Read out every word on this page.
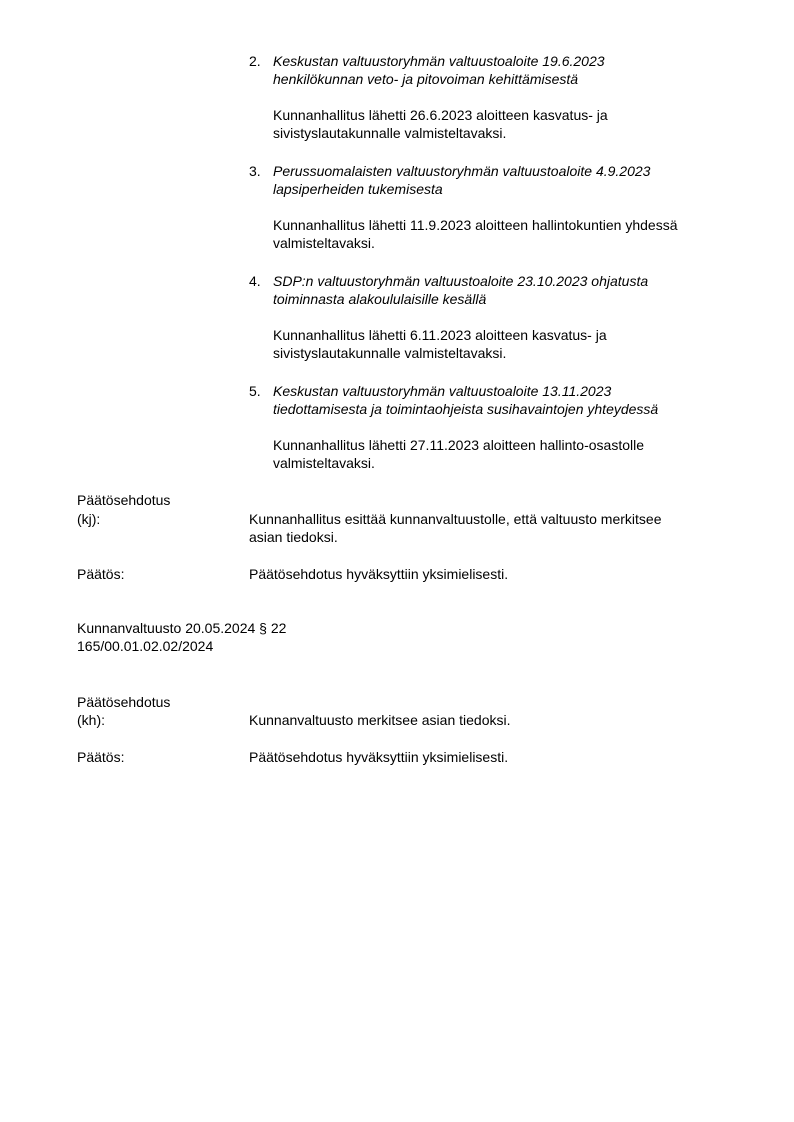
2. Keskustan valtuustoryhmän valtuustoaloite 19.6.2023
henkilökunnan veto- ja pitovoiman kehittämisestä
Kunnanhallitus lähetti 26.6.2023 aloitteen kasvatus- ja
sivistyslautakunnalle valmisteltavaksi.
3. Perussuomalaisten valtuustoryhmän valtuustoaloite 4.9.2023
lapsiperheiden tukemisesta
Kunnanhallitus lähetti 11.9.2023 aloitteen hallintokuntien yhdessä
valmisteltavaksi.
4. SDP:n valtuustoryhmän valtuustoaloite 23.10.2023 ohjatusta
toiminnasta alakoululaisille kesällä
Kunnanhallitus lähetti 6.11.2023 aloitteen kasvatus- ja
sivistyslautakunnalle valmisteltavaksi.
5. Keskustan valtuustoryhmän valtuustoaloite 13.11.2023
tiedottamisesta ja toimintaohjeista susihavaintojen yhteydessä
Kunnanhallitus lähetti 27.11.2023 aloitteen hallinto-osastolle
valmisteltavaksi.
Päätösehdotus
(kj):	Kunnanhallitus esittää kunnanvaltuustolle, että valtuusto merkitsee
asian tiedoksi.
Päätös:	Päätösehdotus hyväksyttiin yksimielisesti.
Kunnanvaltuusto 20.05.2024 § 22
165/00.01.02.02/2024
Päätösehdotus
(kh):	Kunnanvaltuusto merkitsee asian tiedoksi.
Päätös:	Päätösehdotus hyväksyttiin yksimielisesti.
